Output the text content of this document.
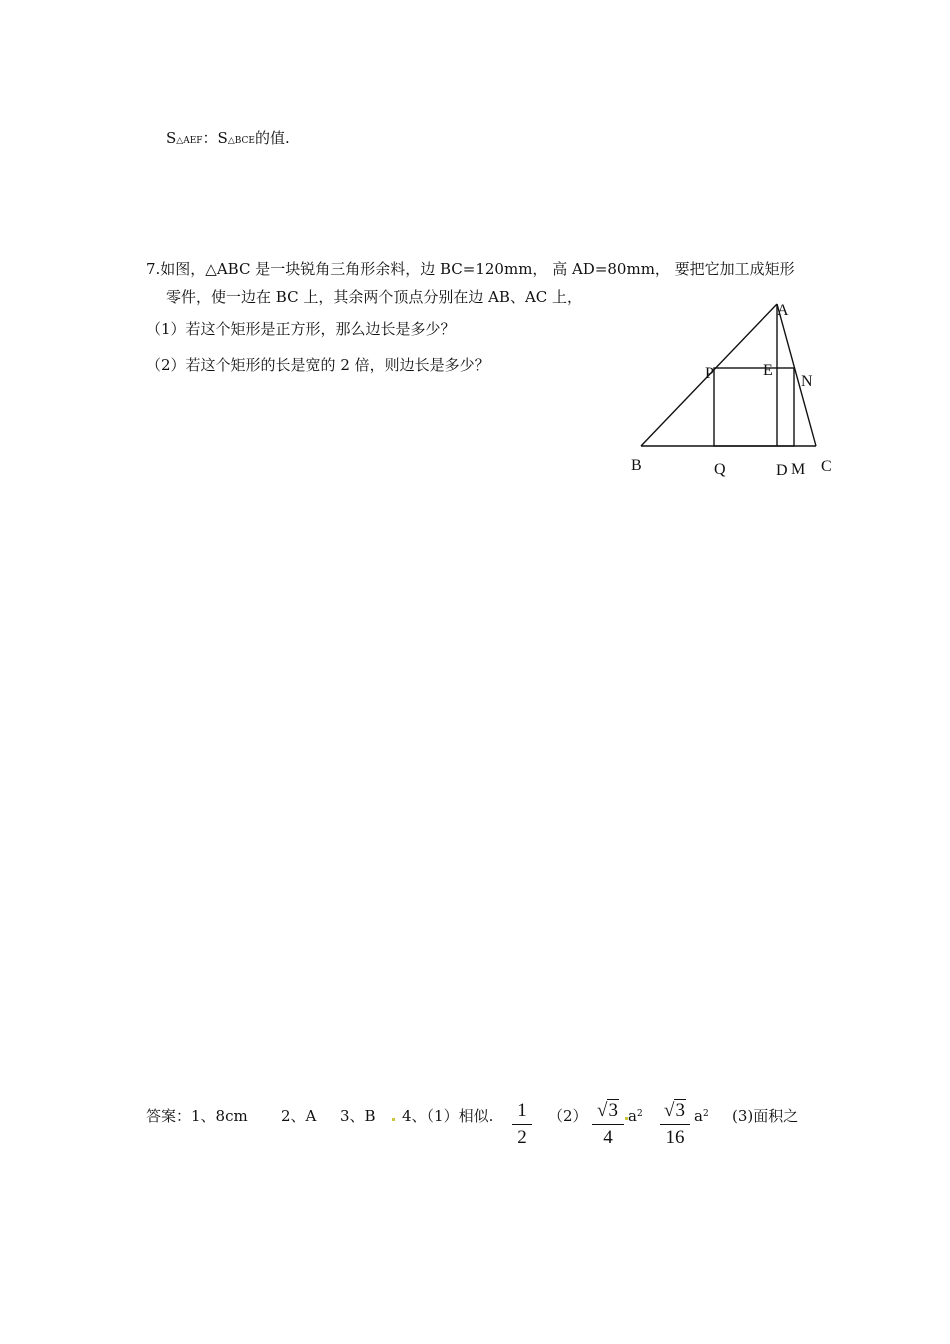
S△AEF：S△BCE的值.
7.如图，△ABC 是一块锐角三角形余料，边 BC=120mm， 高 AD=80mm， 要把它加工成矩形
零件，使一边在 BC 上，其余两个顶点分别在边 AB、AC 上，
（1）若这个矩形是正方形，那么边长是多少？
（2）若这个矩形的长是宽的 2 倍，则边长是多少？
A
P	E
N
B	Q	D M C
答案：1、8cm 2、A 3、B 4、（1）相似. 1
2
（2） √3
4
$a^2$ √3
16
$a^2$ (3)面积之
